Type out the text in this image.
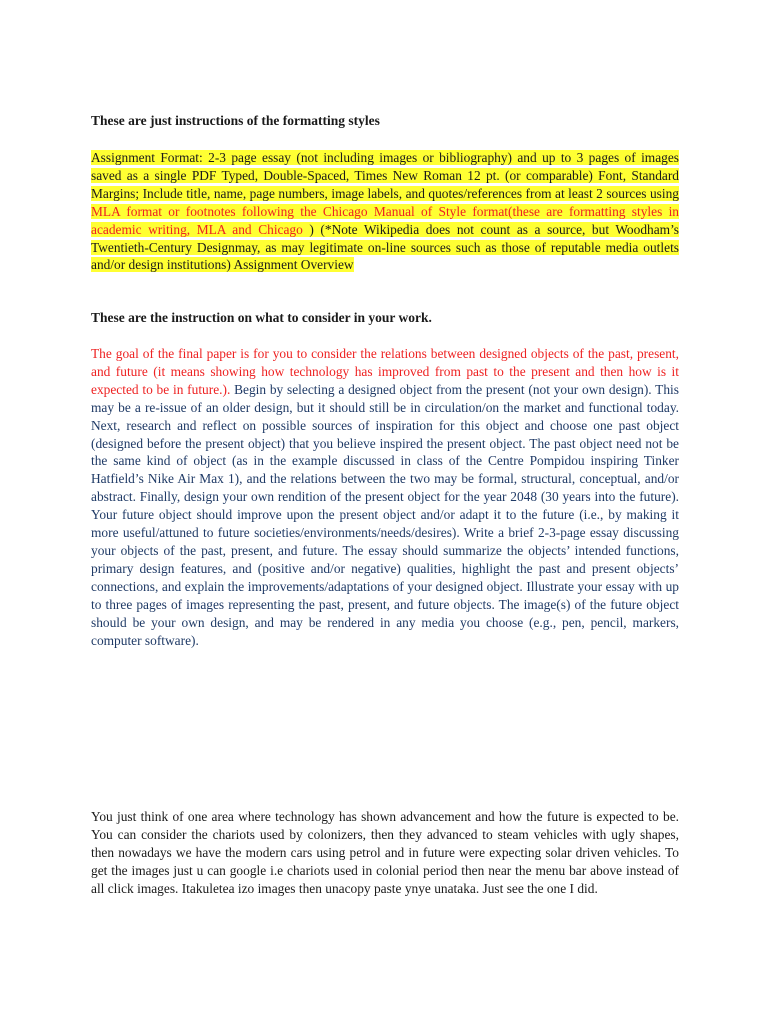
These are just instructions of the formatting styles

Assignment Format: 2-3 page essay (not including images or bibliography) and up to 3 pages of images saved as a single PDF Typed, Double-Spaced, Times New Roman 12 pt. (or comparable) Font, Standard Margins; Include title, name, page numbers, image labels, and quotes/references from at least 2 sources using MLA format or footnotes following the Chicago Manual of Style format(these are formatting styles in academic writing, MLA and Chicago ) (*Note Wikipedia does not count as a source, but Woodham’s Twentieth-Century Designmay, as may legitimate on-line sources such as those of reputable media outlets and/or design institutions) Assignment Overview

These are the instruction on what to consider in your work.

The goal of the final paper is for you to consider the relations between designed objects of the past, present, and future (it means showing how technology has improved from past to the present and then how is it expected to be in future.). Begin by selecting a designed object from the present (not your own design). This may be a re-issue of an older design, but it should still be in circulation/on the market and functional today. Next, research and reflect on possible sources of inspiration for this object and choose one past object (designed before the present object) that you believe inspired the present object. The past object need not be the same kind of object (as in the example discussed in class of the Centre Pompidou inspiring Tinker Hatfield’s Nike Air Max 1), and the relations between the two may be formal, structural, conceptual, and/or abstract. Finally, design your own rendition of the present object for the year 2048 (30 years into the future). Your future object should improve upon the present object and/or adapt it to the future (i.e., by making it more useful/attuned to future societies/environments/needs/desires). Write a brief 2-3-page essay discussing your objects of the past, present, and future. The essay should summarize the objects’ intended functions, primary design features, and (positive and/or negative) qualities, highlight the past and present objects’ connections, and explain the improvements/adaptations of your designed object. Illustrate your essay with up to three pages of images representing the past, present, and future objects. The image(s) of the future object should be your own design, and may be rendered in any media you choose (e.g., pen, pencil, markers, computer software).

You just think of one area where technology has shown advancement and how the future is expected to be. You can consider the chariots used by colonizers, then they advanced to steam vehicles with ugly shapes, then nowadays we have the modern cars using petrol and in future were expecting solar driven vehicles. To get the images just u can google i.e chariots used in colonial period then near the menu bar above instead of all click images. Itakuletea izo images then unacopy paste ynye unataka. Just see the one I did.
